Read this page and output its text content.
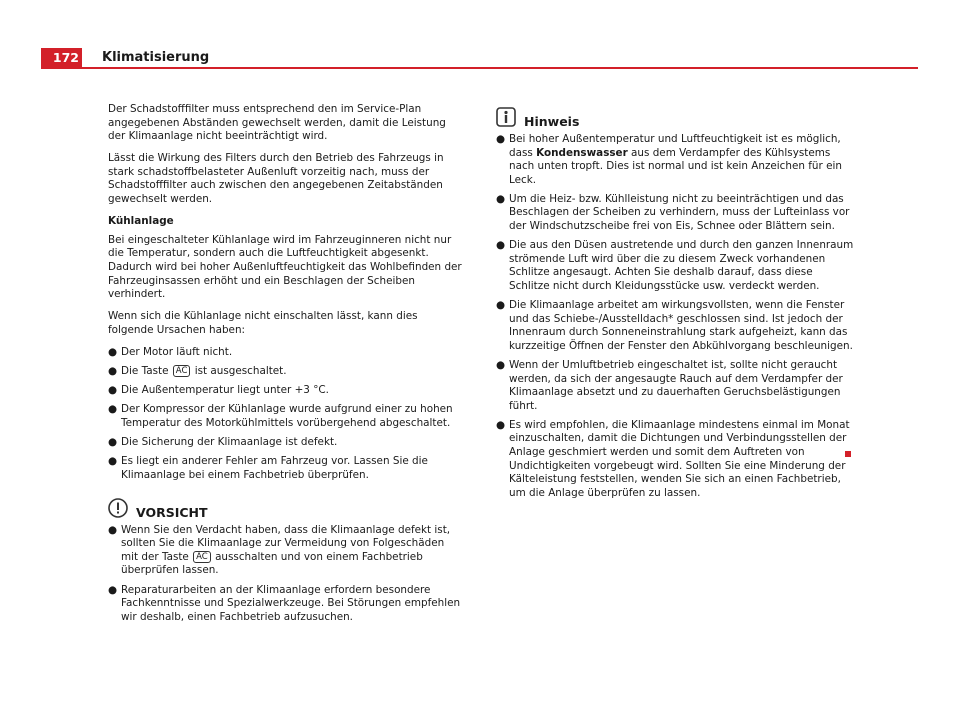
172 Klimatisierung

Der Schadstofffilter muss entsprechend den im Service-Plan angegebenen Abständen gewechselt werden, damit die Leistung der Klimaanlage nicht beeinträchtigt wird.

Lässt die Wirkung des Filters durch den Betrieb des Fahrzeugs in stark schadstoffbelasteter Außenluft vorzeitig nach, muss der Schadstofffilter auch zwischen den angegebenen Zeitabständen gewechselt werden.

Kühlanlage

Bei eingeschalteter Kühlanlage wird im Fahrzeuginneren nicht nur die Temperatur, sondern auch die Luftfeuchtigkeit abgesenkt. Dadurch wird bei hoher Außenluftfeuchtigkeit das Wohlbefinden der Fahrzeuginsassen erhöht und ein Beschlagen der Scheiben verhindert.

Wenn sich die Kühlanlage nicht einschalten lässt, kann dies folgende Ursachen haben:

● Der Motor läuft nicht.
● Die Taste AC ist ausgeschaltet.
● Die Außentemperatur liegt unter +3 °C.
● Der Kompressor der Kühlanlage wurde aufgrund einer zu hohen Temperatur des Motorkühlmittels vorübergehend abgeschaltet.
● Die Sicherung der Klimaanlage ist defekt.
● Es liegt ein anderer Fehler am Fahrzeug vor. Lassen Sie die Klimaanlage bei einem Fachbetrieb überprüfen.
VORSICHT
● Wenn Sie den Verdacht haben, dass die Klimaanlage defekt ist, sollten Sie die Klimaanlage zur Vermeidung von Folgeschäden mit der Taste AC ausschalten und von einem Fachbetrieb überprüfen lassen.
● Reparaturarbeiten an der Klimaanlage erfordern besondere Fachkenntnisse und Spezialwerkzeuge. Bei Störungen empfehlen wir deshalb, einen Fachbetrieb aufzusuchen.
Hinweis
● Bei hoher Außentemperatur und Luftfeuchtigkeit ist es möglich, dass Kondenswasser aus dem Verdampfer des Kühlsystems nach unten tropft. Dies ist normal und ist kein Anzeichen für ein Leck.
● Um die Heiz- bzw. Kühlleistung nicht zu beeinträchtigen und das Beschlagen der Scheiben zu verhindern, muss der Lufteinlass vor der Windschutzscheibe frei von Eis, Schnee oder Blättern sein.
● Die aus den Düsen austretende und durch den ganzen Innenraum strömende Luft wird über die zu diesem Zweck vorhandenen Schlitze angesaugt. Achten Sie deshalb darauf, dass diese Schlitze nicht durch Kleidungsstücke usw. verdeckt werden.
● Die Klimaanlage arbeitet am wirkungsvollsten, wenn die Fenster und das Schiebe-/Ausstelldach* geschlossen sind. Ist jedoch der Innenraum durch Sonneneinstrahlung stark aufgeheizt, kann das kurzzeitige Öffnen der Fenster den Abkühlvorgang beschleunigen.
● Wenn der Umluftbetrieb eingeschaltet ist, sollte nicht geraucht werden, da sich der angesaugte Rauch auf dem Verdampfer der Klimaanlage absetzt und zu dauerhaften Geruchsbelästigungen führt.
● Es wird empfohlen, die Klimaanlage mindestens einmal im Monat einzuschalten, damit die Dichtungen und Verbindungsstellen der Anlage geschmiert werden und somit dem Auftreten von Undichtigkeiten vorgebeugt wird. Sollten Sie eine Minderung der Kälteleistung feststellen, wenden Sie sich an einen Fachbetrieb, um die Anlage überprüfen zu lassen.
